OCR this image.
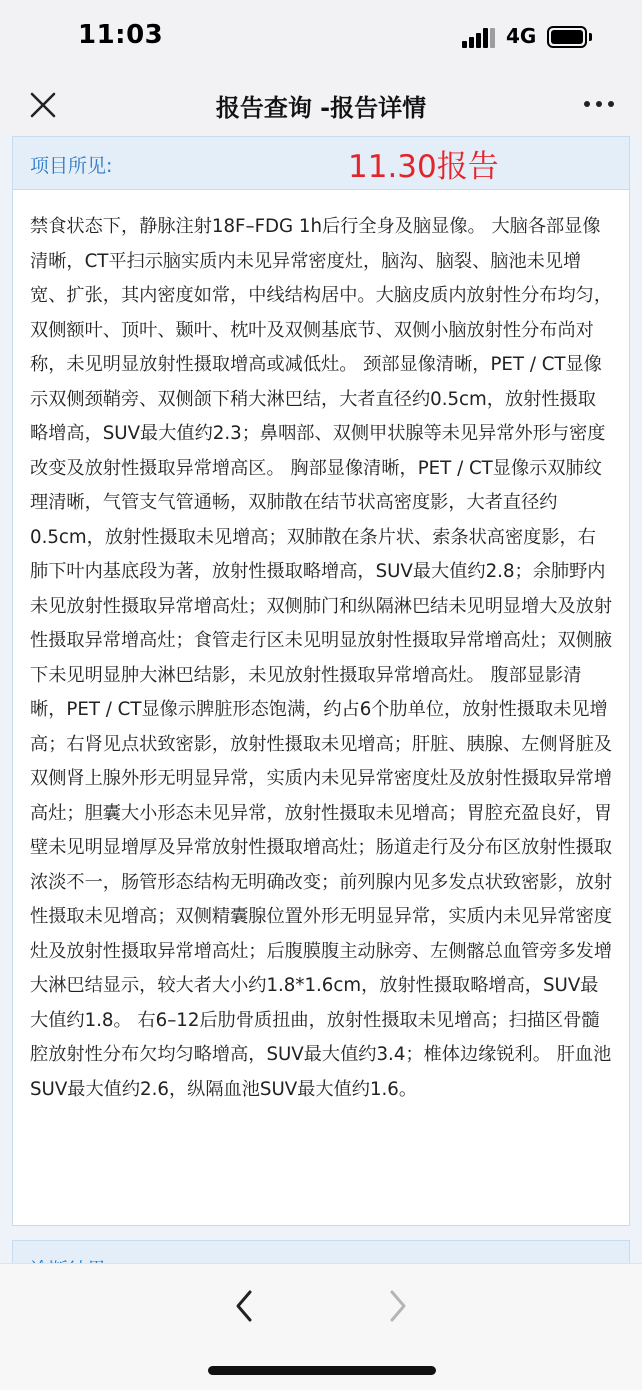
11:03	4G
报告查询 -报告详情
项目所见:	11.30报告
禁食状态下，静脉注射18F–FDG 1h后行全身及脑显像。 大脑各部显像清晰，CT平扫示脑实质内未见异常密度灶，脑沟、脑裂、脑池未见增宽、扩张，其内密度如常，中线结构居中。大脑皮质内放射性分布均匀，双侧额叶、顶叶、颞叶、枕叶及双侧基底节、双侧小脑放射性分布尚对称，未见明显放射性摄取增高或减低灶。 颈部显像清晰，PET / CT显像示双侧颈鞘旁、双侧颌下稍大淋巴结，大者直径约0.5cm，放射性摄取略增高，SUV最大值约2.3；鼻咽部、双侧甲状腺等未见异常外形与密度改变及放射性摄取异常增高区。 胸部显像清晰，PET / CT显像示双肺纹理清晰，气管支气管通畅，双肺散在结节状高密度影，大者直径约0.5cm，放射性摄取未见增高；双肺散在条片状、索条状高密度影，右肺下叶内基底段为著，放射性摄取略增高，SUV最大值约2.8；余肺野内未见放射性摄取异常增高灶；双侧肺门和纵隔淋巴结未见明显增大及放射性摄取异常增高灶；食管走行区未见明显放射性摄取异常增高灶；双侧腋下未见明显肿大淋巴结影，未见放射性摄取异常增高灶。 腹部显影清晰，PET / CT显像示脾脏形态饱满，约占6个肋单位，放射性摄取未见增高；右肾见点状致密影，放射性摄取未见增高；肝脏、胰腺、左侧肾脏及双侧肾上腺外形无明显异常，实质内未见异常密度灶及放射性摄取异常增高灶；胆囊大小形态未见异常，放射性摄取未见增高；胃腔充盈良好，胃壁未见明显增厚及异常放射性摄取增高灶；肠道走行及分布区放射性摄取浓淡不一，肠管形态结构无明确改变；前列腺内见多发点状致密影，放射性摄取未见增高；双侧精囊腺位置外形无明显异常，实质内未见异常密度灶及放射性摄取异常增高灶；后腹膜腹主动脉旁、左侧髂总血管旁多发增大淋巴结显示，较大者大小约1.8*1.6cm，放射性摄取略增高，SUV最大值约1.8。 右6–12后肋骨质扭曲，放射性摄取未见增高；扫描区骨髓腔放射性分布欠均匀略增高，SUV最大值约3.4；椎体边缘锐利。 肝血池SUV最大值约2.6，纵隔血池SUV最大值约1.6。
